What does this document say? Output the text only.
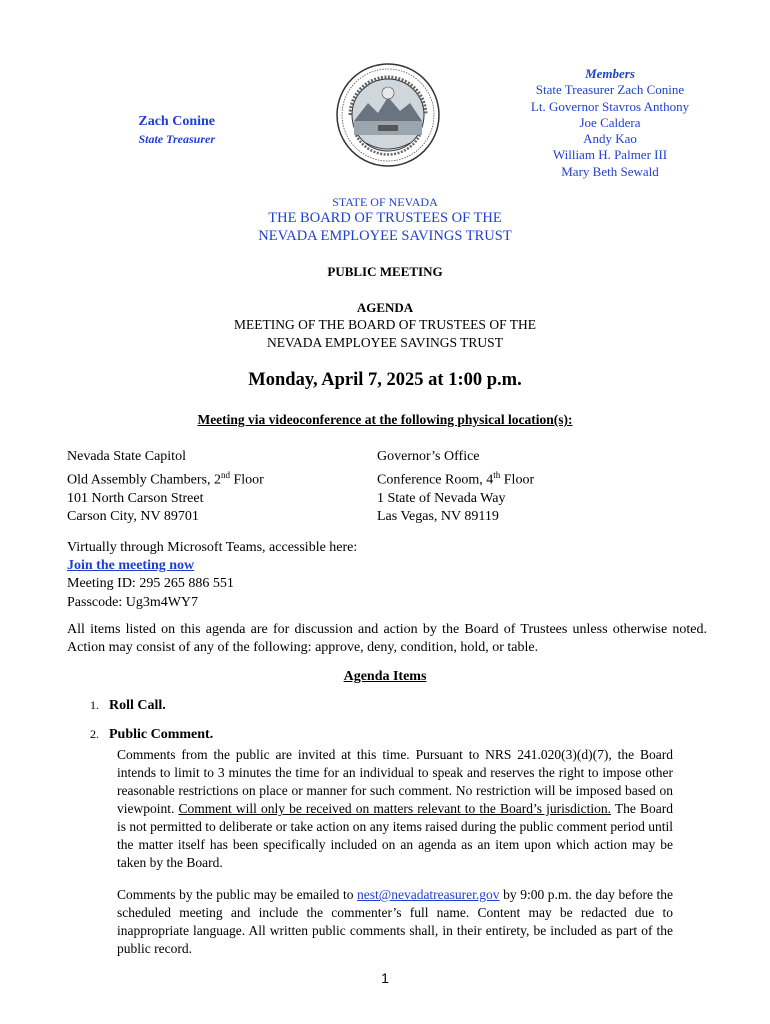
Zach Conine
State Treasurer
Members
State Treasurer Zach Conine
Lt. Governor Stavros Anthony
Joe Caldera
Andy Kao
William H. Palmer III
Mary Beth Sewald
STATE OF NEVADA
THE BOARD OF TRUSTEES OF THE
NEVADA EMPLOYEE SAVINGS TRUST
PUBLIC MEETING
AGENDA
MEETING OF THE BOARD OF TRUSTEES OF THE
NEVADA EMPLOYEE SAVINGS TRUST
Monday, April 7, 2025 at 1:00 p.m.
Meeting via videoconference at the following physical location(s):
Nevada State Capitol
Old Assembly Chambers, 2nd Floor
101 North Carson Street
Carson City, NV 89701
Governor’s Office
Conference Room, 4th Floor
1 State of Nevada Way
Las Vegas, NV 89119
Virtually through Microsoft Teams, accessible here:
Join the meeting now
Meeting ID: 295 265 886 551
Passcode: Ug3m4WY7
All items listed on this agenda are for discussion and action by the Board of Trustees unless otherwise noted. Action may consist of any of the following: approve, deny, condition, hold, or table.
Agenda Items
1. Roll Call.
2. Public Comment.
Comments from the public are invited at this time. Pursuant to NRS 241.020(3)(d)(7), the Board intends to limit to 3 minutes the time for an individual to speak and reserves the right to impose other reasonable restrictions on place or manner for such comment. No restriction will be imposed based on viewpoint. Comment will only be received on matters relevant to the Board’s jurisdiction. The Board is not permitted to deliberate or take action on any items raised during the public comment period until the matter itself has been specifically included on an agenda as an item upon which action may be taken by the Board.
Comments by the public may be emailed to nest@nevadatreasurer.gov by 9:00 p.m. the day before the scheduled meeting and include the commenter’s full name. Content may be redacted due to inappropriate language. All written public comments shall, in their entirety, be included as part of the public record.
1
